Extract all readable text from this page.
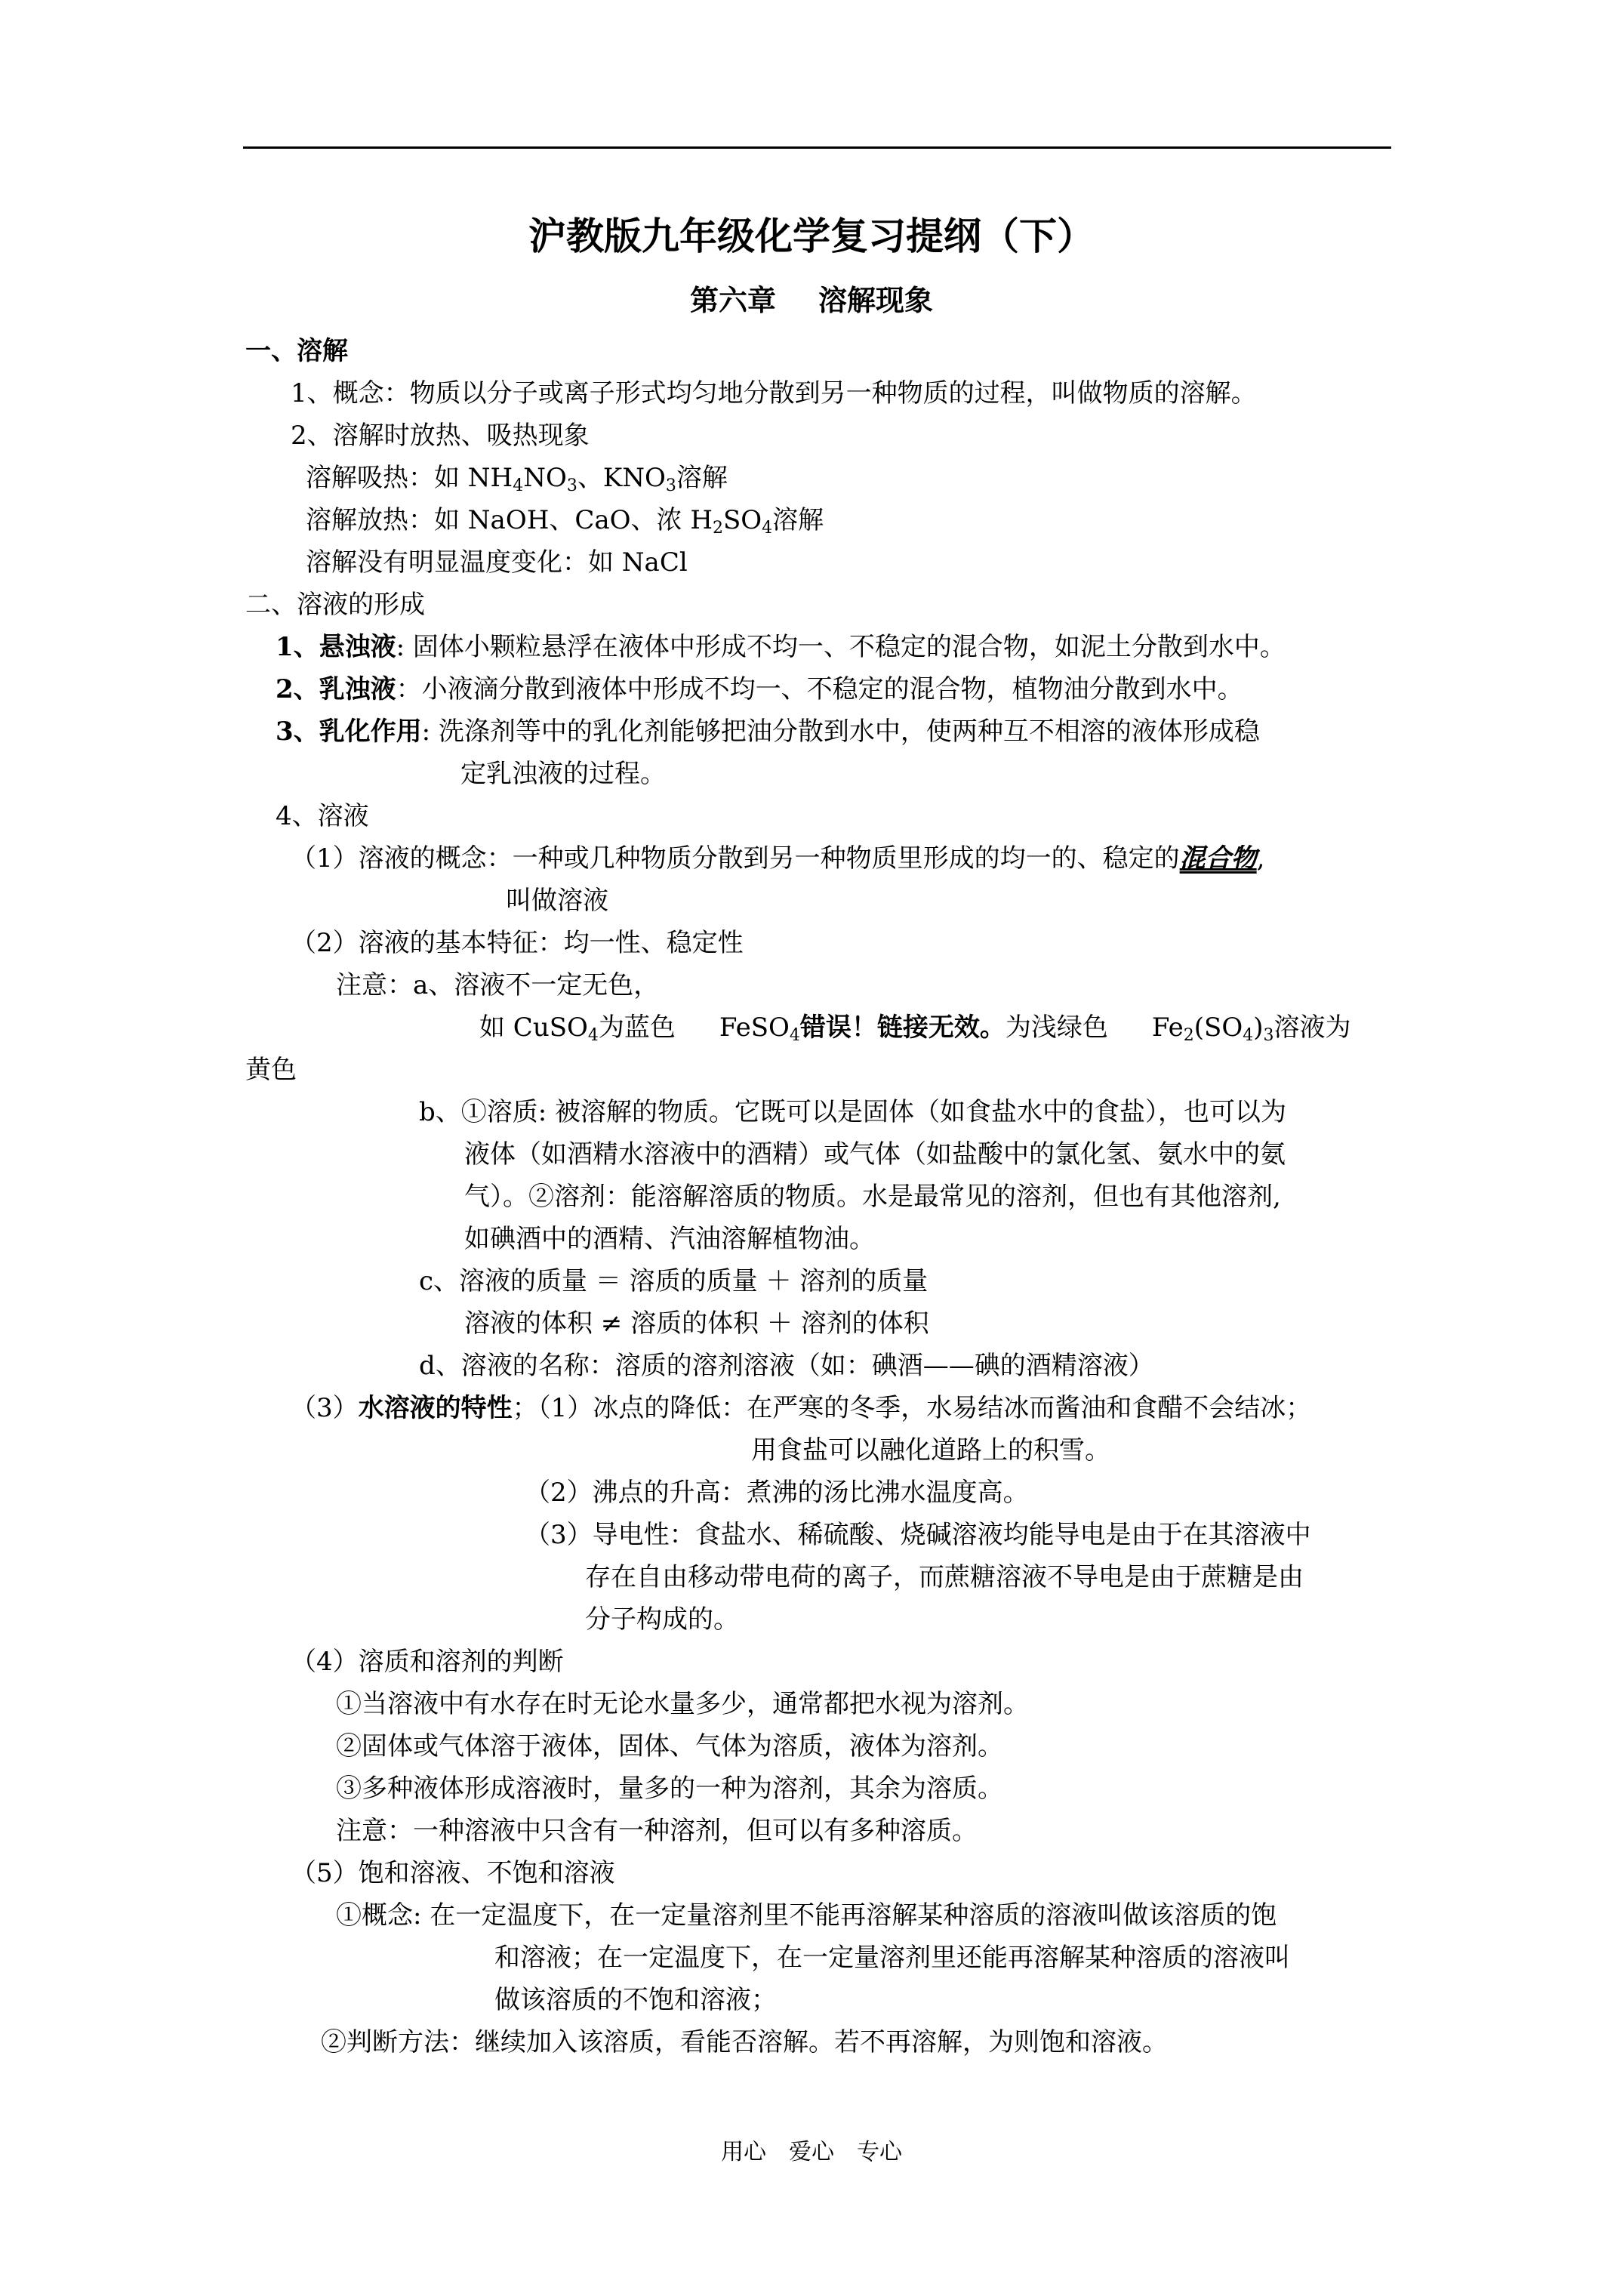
沪教版九年级化学复习提纲（下）
第六章 溶解现象
一、溶解
1、概念：物质以分子或离子形式均匀地分散到另一种物质的过程，叫做物质的溶解。
2、溶解时放热、吸热现象
溶解吸热：如 $NH_4NO_3$、$KNO_3$溶解
溶解放热：如 NaOH、CaO、浓 $H_2SO_4$溶解
溶解没有明显温度变化：如 NaCl
二、溶液的形成
1、悬浊液: 固体小颗粒悬浮在液体中形成不均一、不稳定的混合物，如泥土分散到水中。
2、乳浊液：小液滴分散到液体中形成不均一、不稳定的混合物，植物油分散到水中。
3、乳化作用: 洗涤剂等中的乳化剂能够把油分散到水中，使两种互不相溶的液体形成稳
定乳浊液的过程。
4、溶液
（1）溶液的概念：一种或几种物质分散到另一种物质里形成的均一的、稳定的混合物,
叫做溶液
（2）溶液的基本特征：均一性、稳定性
注意：a、溶液不一定无色，
如 CuSO$_4$为蓝色 FeSO$_4$错误！链接无效。为浅绿色 $Fe_2(SO_4)_3$溶液为
黄色
b、①溶质: 被溶解的物质。它既可以是固体（如食盐水中的食盐），也可以为
液体（如酒精水溶液中的酒精）或气体（如盐酸中的氯化氢、氨水中的氨
气）。②溶剂：能溶解溶质的物质。水是最常见的溶剂，但也有其他溶剂,
如碘酒中的酒精、汽油溶解植物油。
c、溶液的质量 ＝ 溶质的质量 ＋ 溶剂的质量
溶液的体积 ≠ 溶质的体积 ＋ 溶剂的体积
d、溶液的名称：溶质的溶剂溶液（如：碘酒——碘的酒精溶液）
（3）水溶液的特性；（1）冰点的降低：在严寒的冬季，水易结冰而酱油和食醋不会结冰；
用食盐可以融化道路上的积雪。
（2）沸点的升高：煮沸的汤比沸水温度高。
（3）导电性：食盐水、稀硫酸、烧碱溶液均能导电是由于在其溶液中
存在自由移动带电荷的离子，而蔗糖溶液不导电是由于蔗糖是由
分子构成的。
（4）溶质和溶剂的判断
①当溶液中有水存在时无论水量多少，通常都把水视为溶剂。
②固体或气体溶于液体，固体、气体为溶质，液体为溶剂。
③多种液体形成溶液时，量多的一种为溶剂，其余为溶质。
注意：一种溶液中只含有一种溶剂，但可以有多种溶质。
（5）饱和溶液、不饱和溶液
①概念: 在一定温度下，在一定量溶剂里不能再溶解某种溶质的溶液叫做该溶质的饱
和溶液；在一定温度下，在一定量溶剂里还能再溶解某种溶质的溶液叫
做该溶质的不饱和溶液；
②判断方法：继续加入该溶质，看能否溶解。若不再溶解，为则饱和溶液。
用心　爱心　专心
